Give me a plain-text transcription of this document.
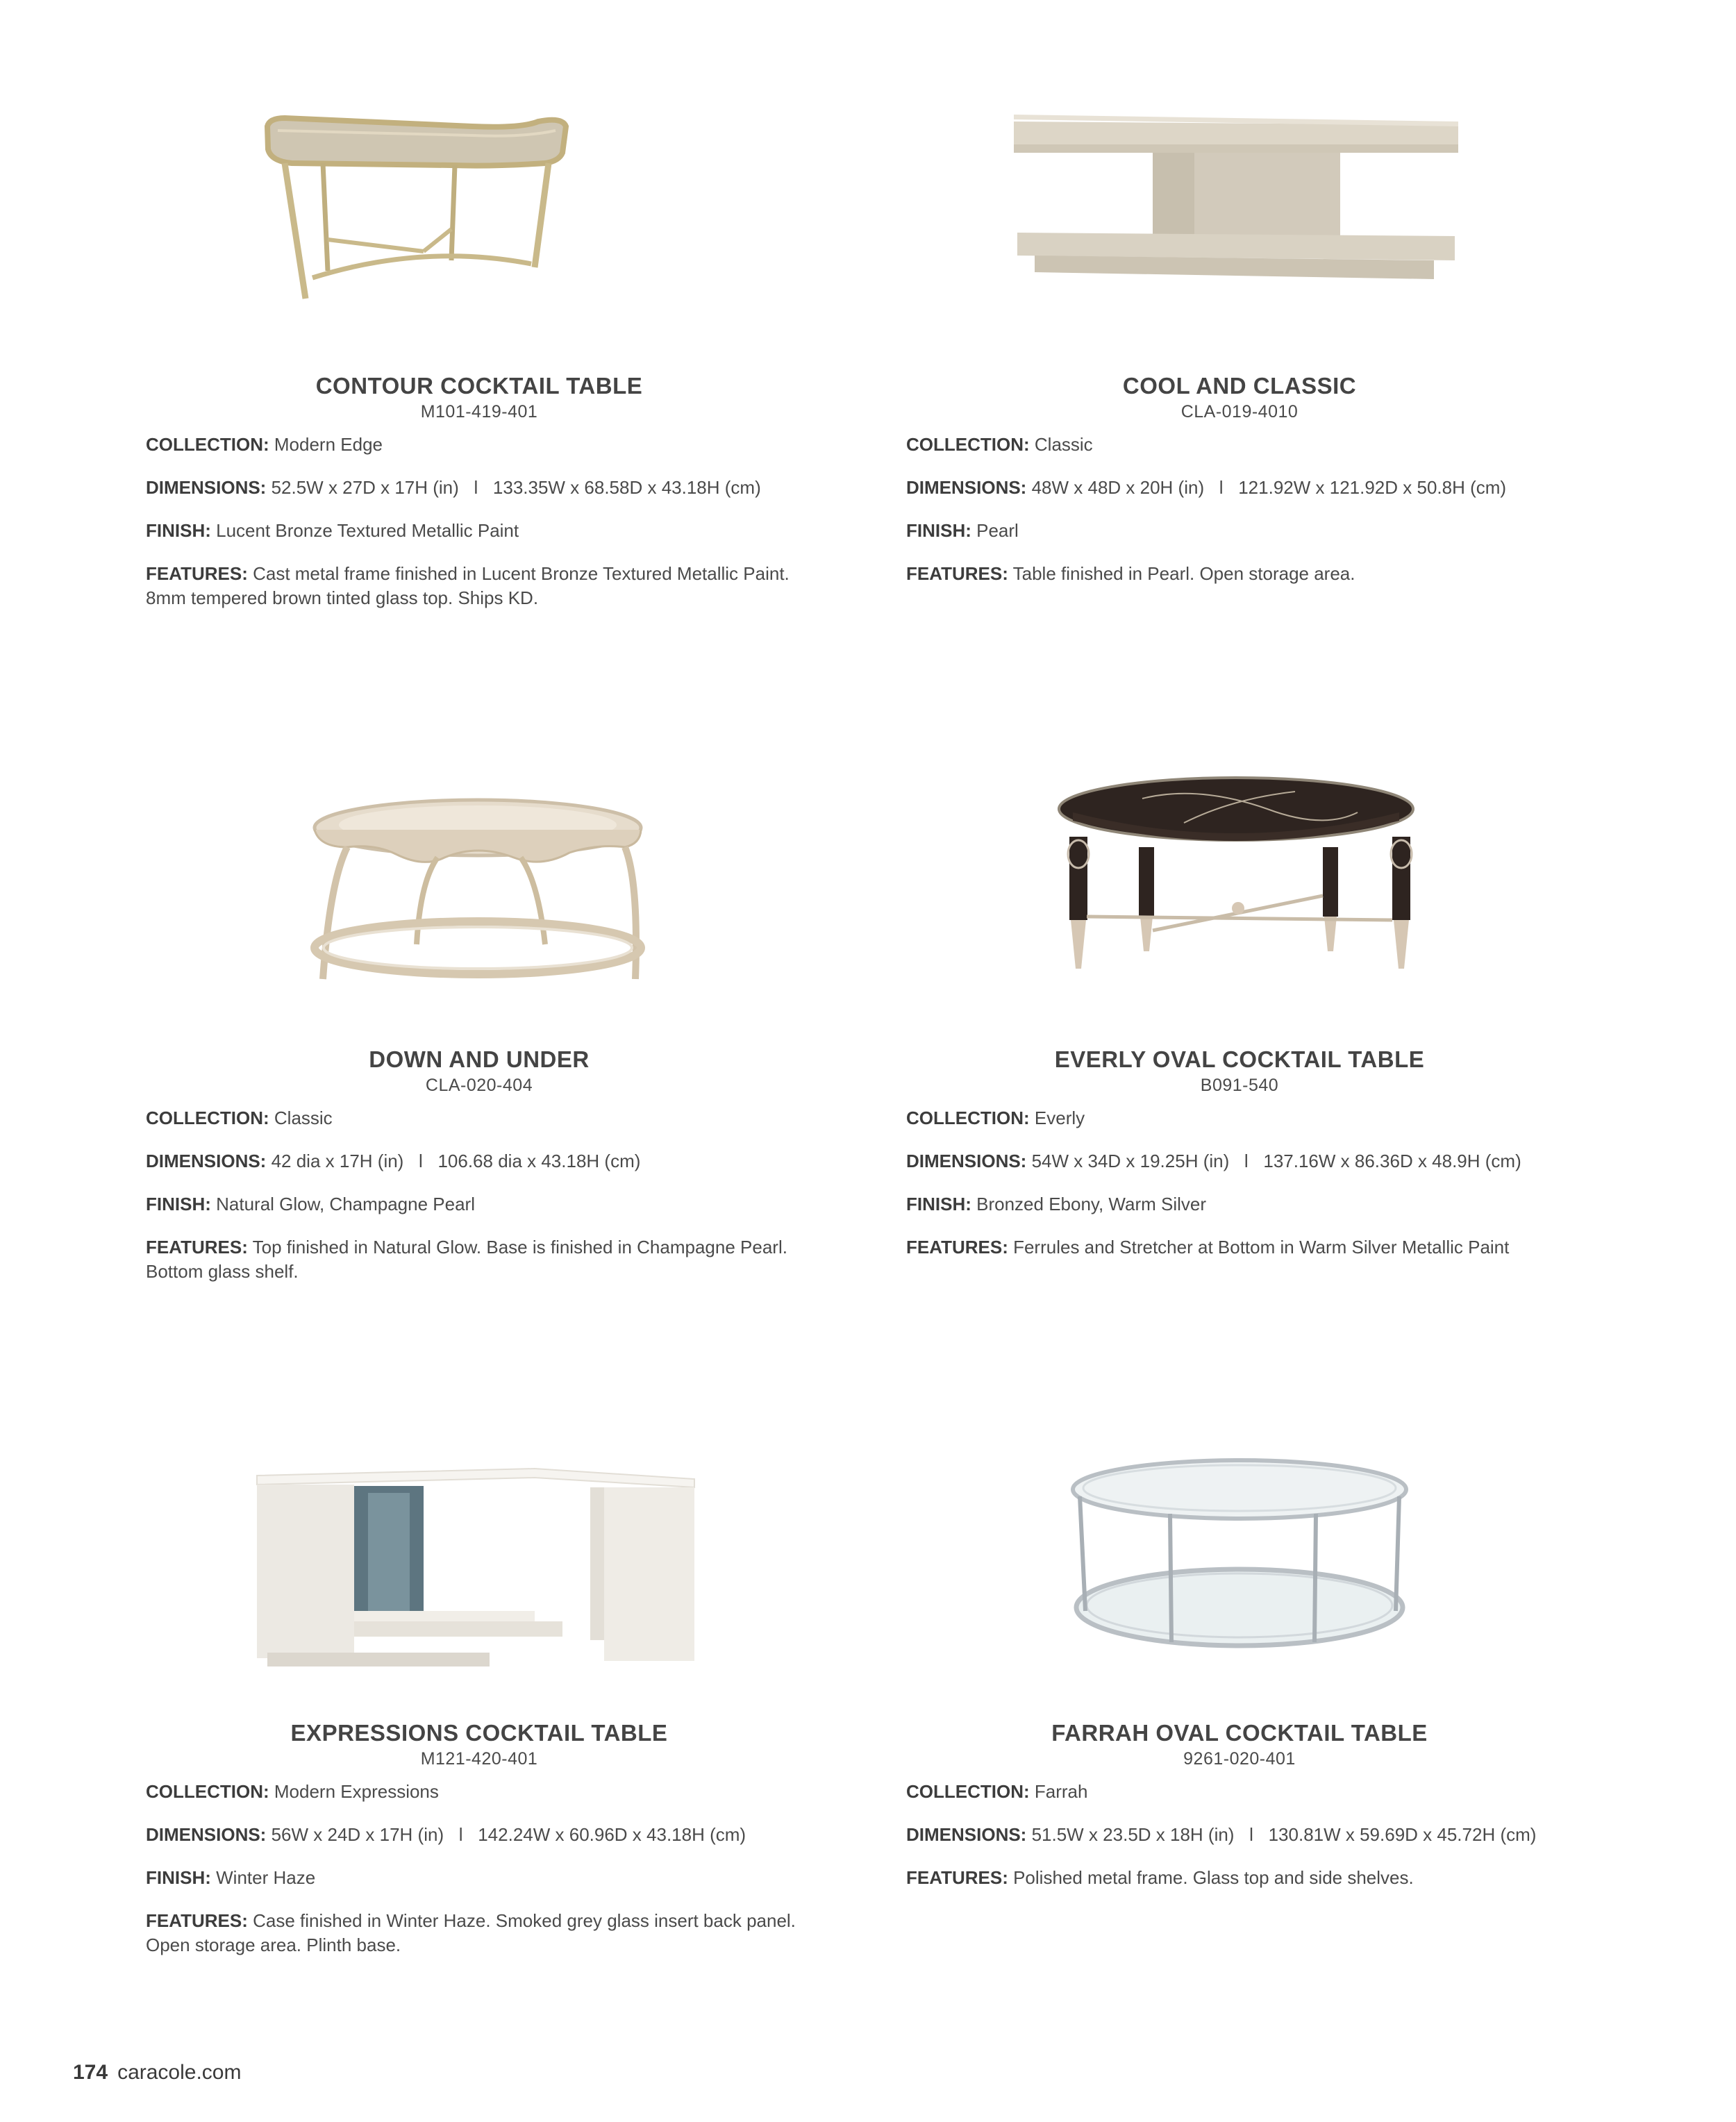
CONTOUR COCKTAIL TABLE

M101-419-401

COLLECTION: Modern Edge

DIMENSIONS: 52.5W x 27D x 17H (in)   l   133.35W x 68.58D x 43.18H (cm)

FINISH: Lucent Bronze Textured Metallic Paint

FEATURES: Cast metal frame finished in Lucent Bronze Textured Metallic Paint. 8mm tempered brown tinted glass top. Ships KD.

COOL AND CLASSIC

CLA-019-4010

COLLECTION: Classic

DIMENSIONS: 48W x 48D x 20H (in)   l   121.92W x 121.92D x 50.8H (cm)

FINISH: Pearl

FEATURES: Table finished in Pearl. Open storage area.

DOWN AND UNDER

CLA-020-404

COLLECTION: Classic

DIMENSIONS: 42 dia x 17H (in)   l   106.68 dia x 43.18H (cm)

FINISH: Natural Glow, Champagne Pearl

FEATURES: Top finished in Natural Glow. Base is finished in Champagne Pearl. Bottom glass shelf.

EVERLY OVAL COCKTAIL TABLE

B091-540

COLLECTION: Everly

DIMENSIONS: 54W x 34D x 19.25H (in)   l   137.16W x 86.36D x 48.9H (cm)

FINISH: Bronzed Ebony, Warm Silver

FEATURES: Ferrules and Stretcher at Bottom in Warm Silver Metallic Paint

EXPRESSIONS COCKTAIL TABLE

M121-420-401

COLLECTION: Modern Expressions

DIMENSIONS: 56W x 24D x 17H (in)   l   142.24W x 60.96D x 43.18H (cm)

FINISH: Winter Haze

FEATURES: Case finished in Winter Haze. Smoked grey glass insert back panel. Open storage area. Plinth base.

FARRAH OVAL COCKTAIL TABLE

9261-020-401

COLLECTION: Farrah

DIMENSIONS: 51.5W x 23.5D x 18H (in)   l   130.81W x 59.69D x 45.72H (cm)

FEATURES: Polished metal frame. Glass top and side shelves.

174 caracole.com
